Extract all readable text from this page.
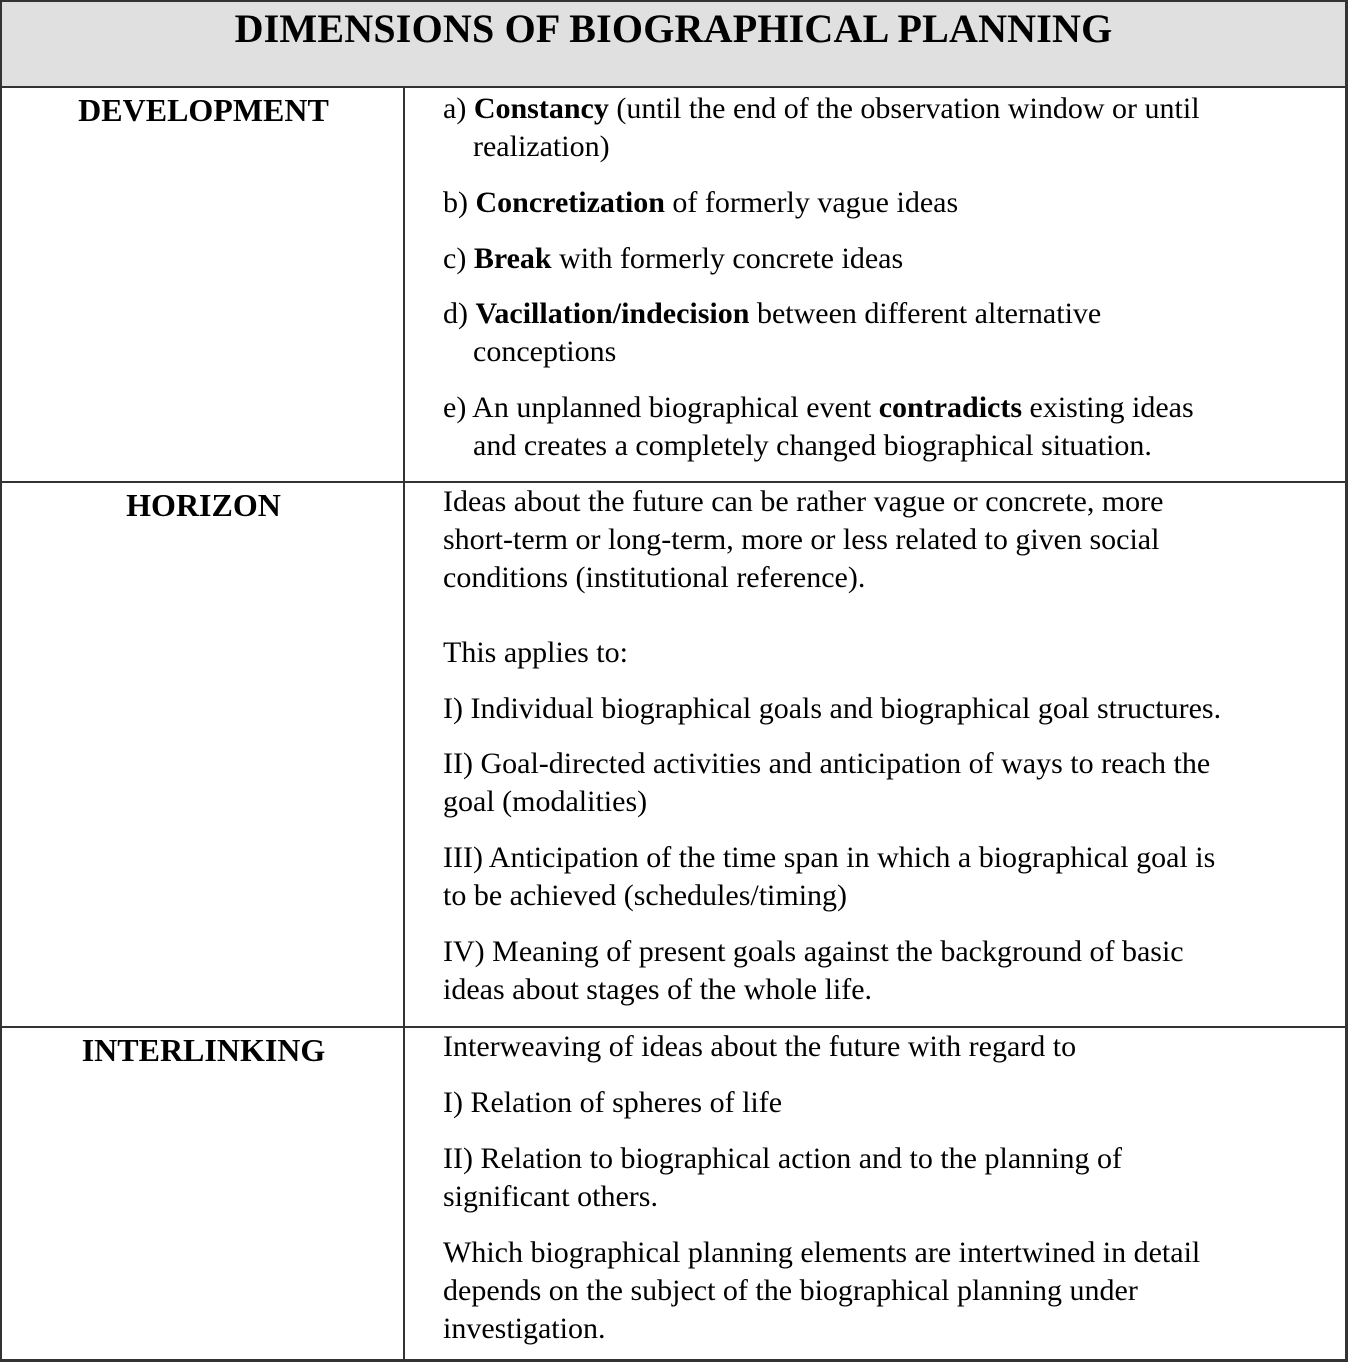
DIMENSIONS OF BIOGRAPHICAL PLANNING
DEVELOPMENT	a) Constancy (until the end of the observation window or until

realization)

b) Concretization of formerly vague ideas

c) Break with formerly concrete ideas

d) Vacillation/indecision between different alternative

conceptions

e) An unplanned biographical event contradicts existing ideas

and creates a completely changed biographical situation.

HORIZON	Ideas about the future can be rather vague or concrete, more

short-term or long-term, more or less related to given social

conditions (institutional reference).

This applies to:

I) Individual biographical goals and biographical goal structures.

II) Goal-directed activities and anticipation of ways to reach the

goal (modalities)

III) Anticipation of the time span in which a biographical goal is

to be achieved (schedules/timing)

IV) Meaning of present goals against the background of basic

ideas about stages of the whole life.

INTERLINKING	Interweaving of ideas about the future with regard to

I) Relation of spheres of life

II) Relation to biographical action and to the planning of

significant others.

Which biographical planning elements are intertwined in detail

depends on the subject of the biographical planning under

investigation.
